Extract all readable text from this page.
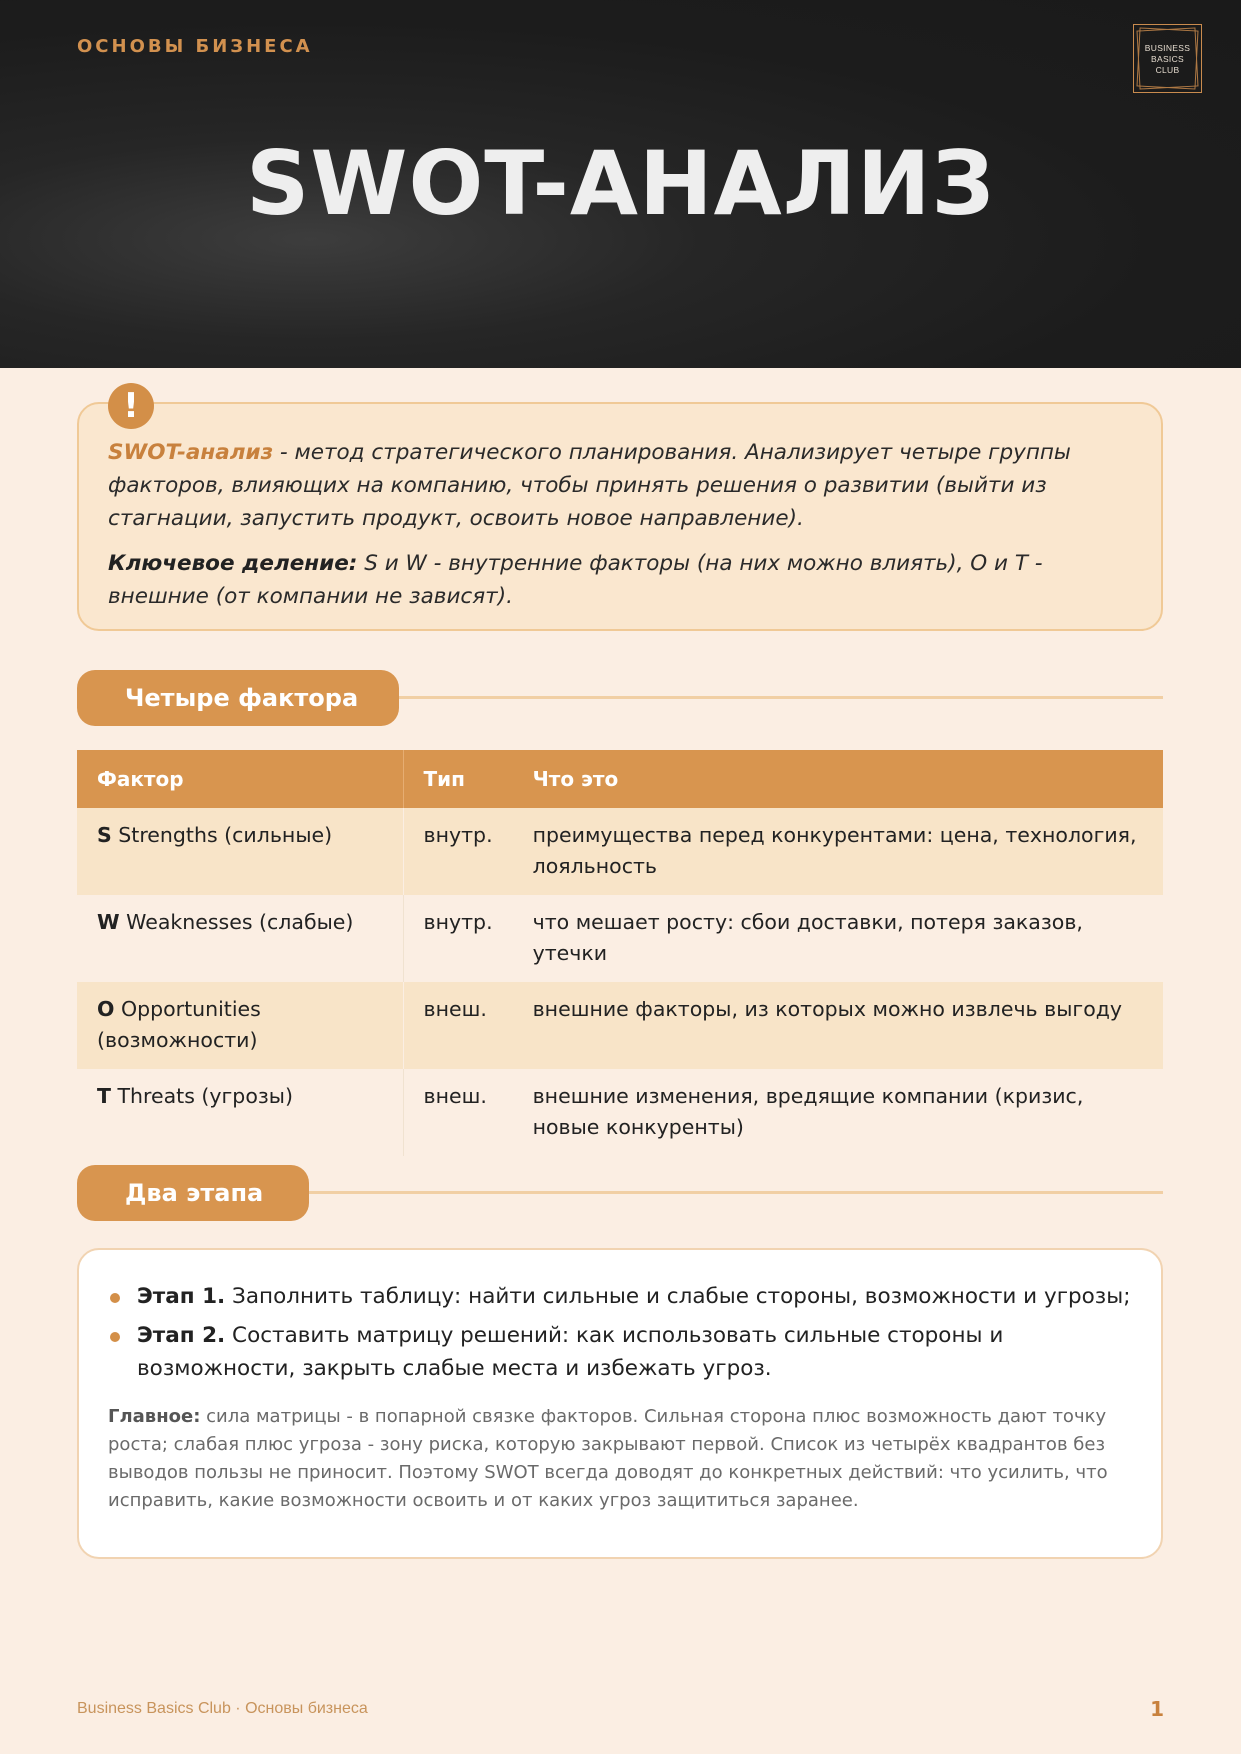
ОСНОВЫ БИЗНЕСА	BUSINESS
BASICS
CLUB
SWOT-АНАЛИЗ
!

SWOT-анализ - метод стратегического планирования. Анализирует четыре группы факторов, влияющих на компанию, чтобы принять решения о развитии (выйти из стагнации, запустить продукт, освоить новое направление).

Ключевое деление: S и W - внутренние факторы (на них можно влиять), O и T - внешние (от компании не зависят).

Четыре фактора
Фактор	Тип	Что это
S Strengths (сильные)	внутр.	преимущества перед конкурентами: цена, технология, лояльность
W Weaknesses (слабые)	внутр.	что мешает росту: сбои доставки, потеря заказов, утечки
O Opportunities (возможности)	внеш.	внешние факторы, из которых можно извлечь выгоду
T Threats (угрозы)	внеш.	внешние изменения, вредящие компании (кризис, новые конкуренты)
Два этапа
Этап 1. Заполнить таблицу: найти сильные и слабые стороны, возможности и угрозы;
Этап 2. Составить матрицу решений: как использовать сильные стороны и возможности, закрыть слабые места и избежать угроз.

Главное: сила матрицы - в попарной связке факторов. Сильная сторона плюс возможность дают точку роста; слабая плюс угроза - зону риска, которую закрывают первой. Список из четырёх квадрантов без выводов пользы не приносит. Поэтому SWOT всегда доводят до конкретных действий: что усилить, что исправить, какие возможности освоить и от каких угроз защититься заранее.

Business Basics Club · Основы бизнеса	1
